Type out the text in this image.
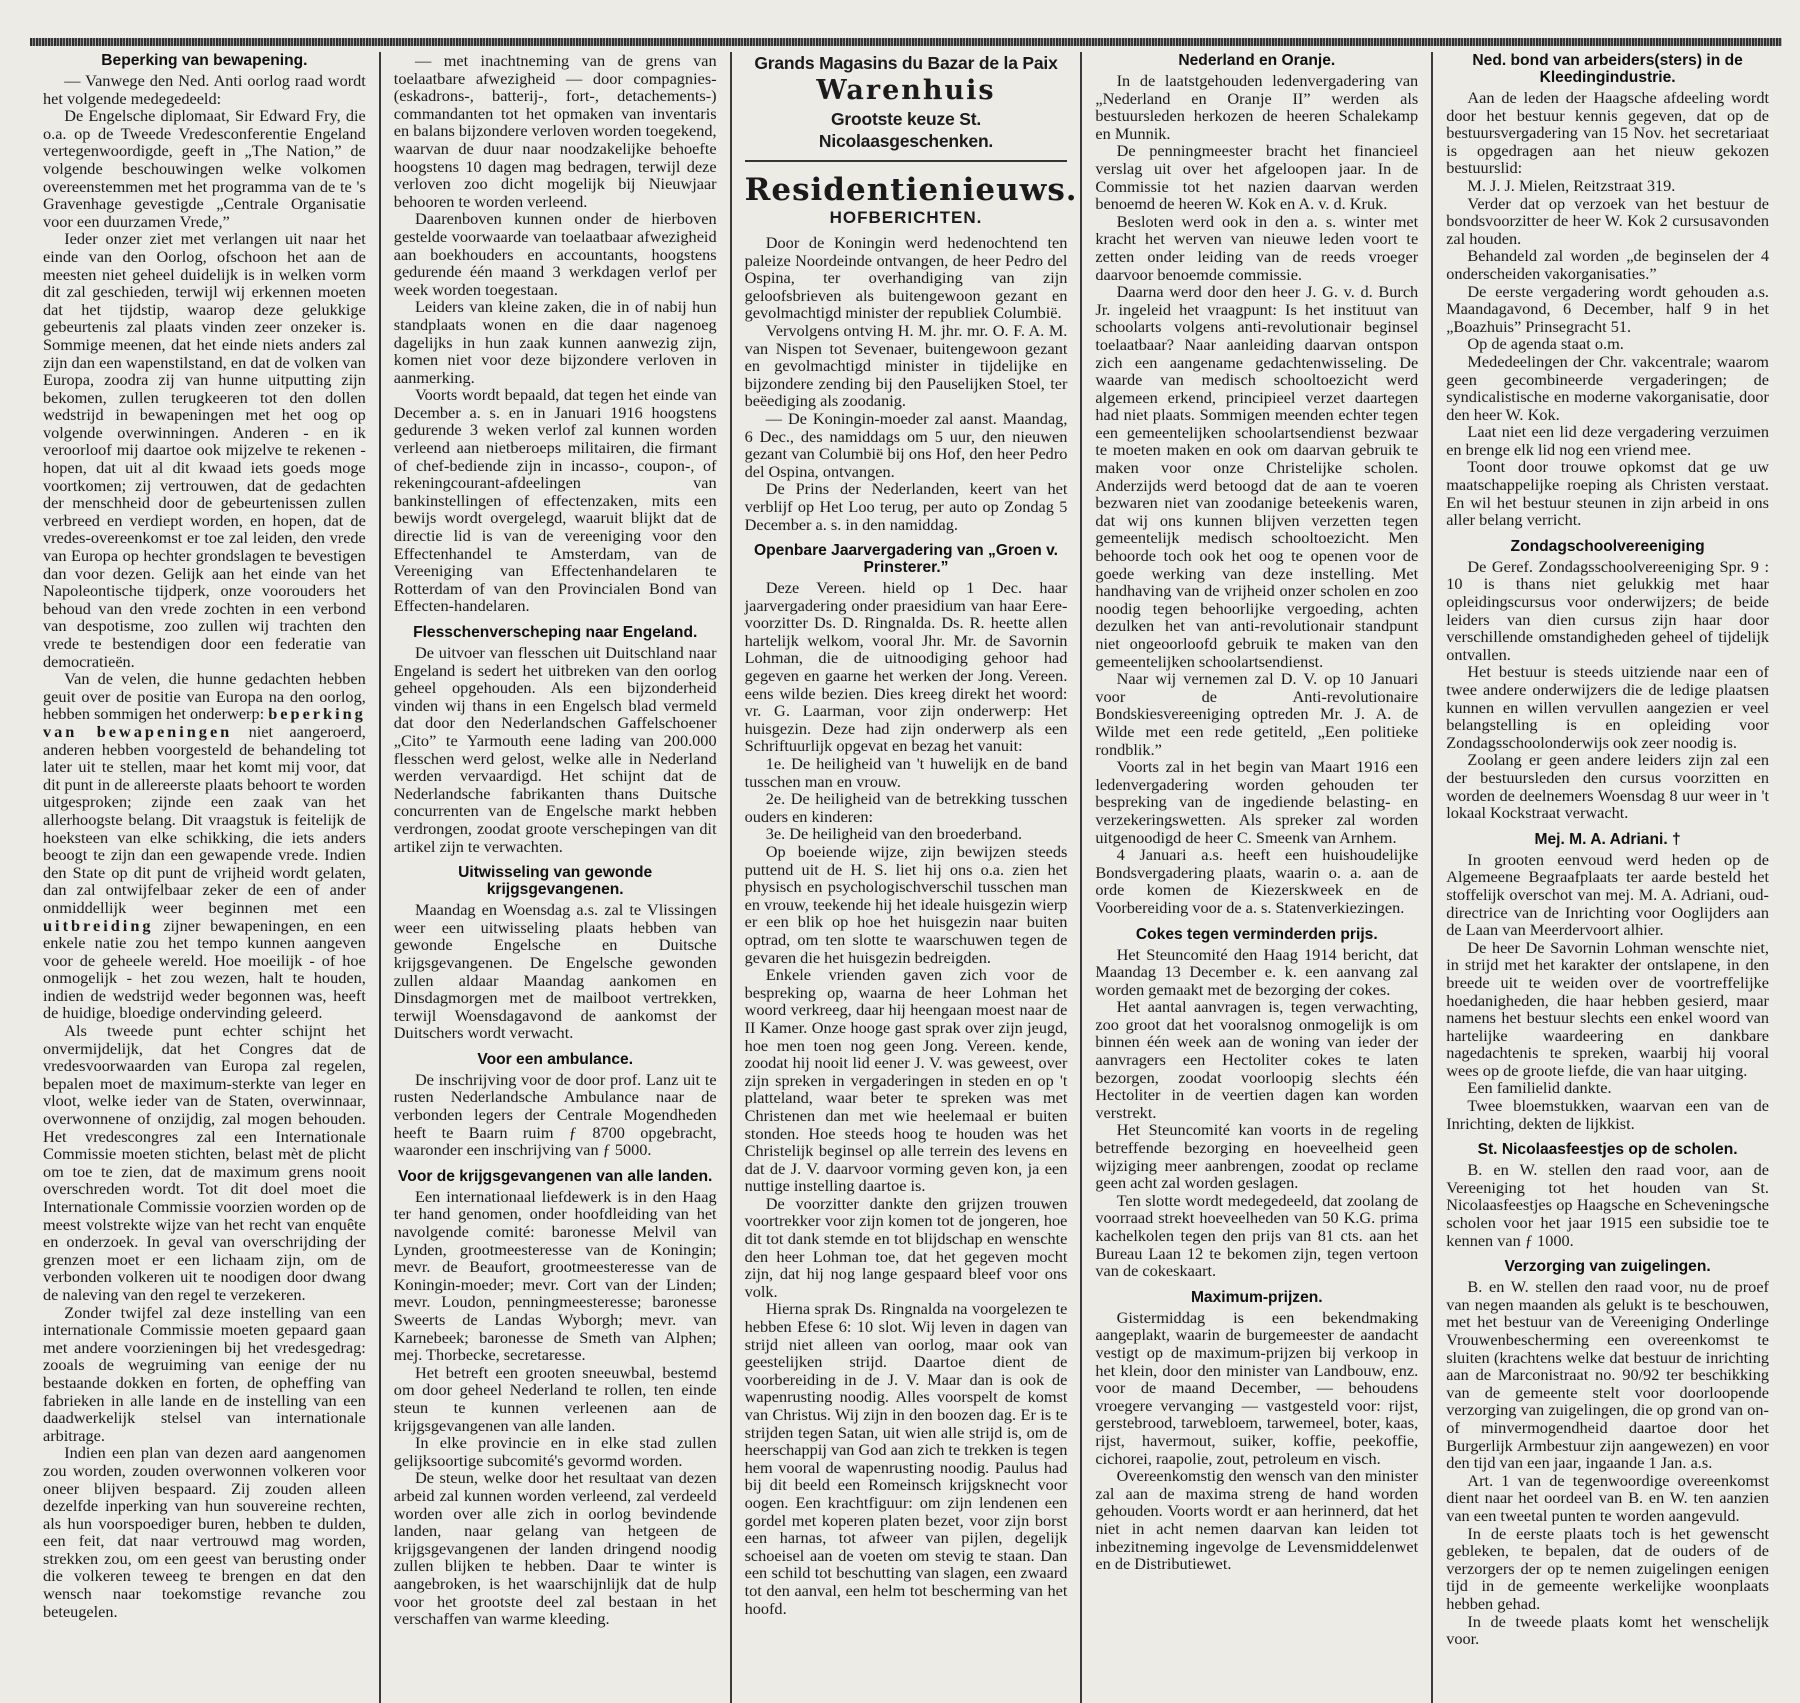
Beperking van bewapening.

— Vanwege den Ned. Anti oorlog raad wordt het volgende medegedeeld:

De Engelsche diplomaat, Sir Edward Fry, die o.a. op de Tweede Vredesconferentie Engeland vertegenwoordigde, geeft in „The Nation,” de volgende beschouwingen welke volkomen overeenstemmen met het programma van de te 's Gravenhage gevestigde „Centrale Organisatie voor een duurzamen Vrede,”

Ieder onzer ziet met verlangen uit naar het einde van den Oorlog, ofschoon het aan de meesten niet geheel duidelijk is in welken vorm dit zal geschieden, terwijl wij erkennen moeten dat het tijdstip, waarop deze gelukkige gebeurtenis zal plaats vinden zeer onzeker is. Sommige meenen, dat het einde niets anders zal zijn dan een wapenstilstand, en dat de volken van Europa, zoodra zij van hunne uitputting zijn bekomen, zullen terugkeeren tot den dollen wedstrijd in bewapeningen met het oog op volgende overwinningen. Anderen - en ik veroorloof mij daartoe ook mijzelve te rekenen - hopen, dat uit al dit kwaad iets goeds moge voortkomen; zij vertrouwen, dat de gedachten der menschheid door de gebeurtenissen zullen verbreed en verdiept worden, en hopen, dat de vredes-overeenkomst er toe zal leiden, den vrede van Europa op hechter grondslagen te bevestigen dan voor dezen. Gelijk aan het einde van het Napoleontische tijdperk, onze voorouders het behoud van den vrede zochten in een verbond van despotisme, zoo zullen wij trachten den vrede te bestendigen door een federatie van democratieën.

Van de velen, die hunne gedachten hebben geuit over de positie van Europa na den oorlog, hebben sommigen het onderwerp: beperking van bewapeningen niet aangeroerd, anderen hebben voorgesteld de behandeling tot later uit te stellen, maar het komt mij voor, dat dit punt in de allereerste plaats behoort te worden uitgesproken; zijnde een zaak van het allerhoogste belang. Dit vraagstuk is feitelijk de hoeksteen van elke schikking, die iets anders beoogt te zijn dan een gewapende vrede. Indien den State op dit punt de vrijheid wordt gelaten, dan zal ontwijfelbaar zeker de een of ander onmiddellijk weer beginnen met een uitbreiding zijner bewapeningen, en een enkele natie zou het tempo kunnen aangeven voor de geheele wereld. Hoe moeilijk - of hoe onmogelijk - het zou wezen, halt te houden, indien de wedstrijd weder begonnen was, heeft de huidige, bloedige ondervinding geleerd.

Als tweede punt echter schijnt het onvermijdelijk, dat het Congres dat de vredesvoorwaarden van Europa zal regelen, bepalen moet de maximum-sterkte van leger en vloot, welke ieder van de Staten, overwinnaar, overwonnene of onzijdig, zal mogen behouden. Het vredescongres zal een Internationale Commissie moeten stichten, belast mèt de plicht om toe te zien, dat de maximum grens nooit overschreden wordt. Tot dit doel moet die Internationale Commissie voorzien worden op de meest volstrekte wijze van het recht van enquête en onderzoek. In geval van overschrijding der grenzen moet er een lichaam zijn, om de verbonden volkeren uit te noodigen door dwang de naleving van den regel te verzekeren.

Zonder twijfel zal deze instelling van een internationale Commissie moeten gepaard gaan met andere voorzieningen bij het vredesgedrag: zooals de wegruiming van eenige der nu bestaande dokken en forten, de opheffing van fabrieken in alle lande en de instelling van een daadwerkelijk stelsel van internationale arbitrage.

Indien een plan van dezen aard aangenomen zou worden, zouden overwonnen volkeren voor oneer blijven bespaard. Zij zouden alleen dezelfde inperking van hun souvereine rechten, als hun voorspoediger buren, hebben te dulden, een feit, dat naar vertrouwd mag worden, strekken zou, om een geest van berusting onder die volkeren teweeg te brengen en dat den wensch naar toekomstige revanche zou beteugelen.

— met inachtneming van de grens van toelaatbare afwezigheid — door compagnies- (eskadrons-, batterij-, fort-, detachements-) commandanten tot het opmaken van inventaris en balans bijzondere verloven worden toegekend, waarvan de duur naar noodzakelijke behoefte hoogstens 10 dagen mag bedragen, terwijl deze verloven zoo dicht mogelijk bij Nieuwjaar behooren te worden verleend.

Daarenboven kunnen onder de hierboven gestelde voorwaarde van toelaatbaar afwezigheid aan boekhouders en accountants, hoogstens gedurende één maand 3 werkdagen verlof per week worden toegestaan.

Leiders van kleine zaken, die in of nabij hun standplaats wonen en die daar nagenoeg dagelijks in hun zaak kunnen aanwezig zijn, komen niet voor deze bijzondere verloven in aanmerking.

Voorts wordt bepaald, dat tegen het einde van December a. s. en in Januari 1916 hoogstens gedurende 3 weken verlof zal kunnen worden verleend aan nietberoeps militairen, die firmant of chef-bediende zijn in incasso-, coupon-, of rekeningcourant-afdeelingen van bankinstellingen of effectenzaken, mits een bewijs wordt overgelegd, waaruit blijkt dat de directie lid is van de vereeniging voor den Effectenhandel te Amsterdam, van de Vereeniging van Effectenhandelaren te Rotterdam of van den Provincialen Bond van Effecten-handelaren.

Flesschenverscheping naar Engeland.

De uitvoer van flesschen uit Duitschland naar Engeland is sedert het uitbreken van den oorlog geheel opgehouden. Als een bijzonderheid vinden wij thans in een Engelsch blad vermeld dat door den Nederlandschen Gaffelschoener „Cito” te Yarmouth eene lading van 200.000 flesschen werd gelost, welke alle in Nederland werden vervaardigd. Het schijnt dat de Nederlandsche fabrikanten thans Duitsche concurrenten van de Engelsche markt hebben verdrongen, zoodat groote verschepingen van dit artikel zijn te verwachten.

Uitwisseling van gewonde krijgsgevangenen.

Maandag en Woensdag a.s. zal te Vlissingen weer een uitwisseling plaats hebben van gewonde Engelsche en Duitsche krijgsgevangenen. De Engelsche gewonden zullen aldaar Maandag aankomen en Dinsdagmorgen met de mailboot vertrekken, terwijl Woensdagavond de aankomst der Duitschers wordt verwacht.

Voor een ambulance.

De inschrijving voor de door prof. Lanz uit te rusten Nederlandsche Ambulance naar de verbonden legers der Centrale Mogendheden heeft te Baarn ruim ƒ 8700 opgebracht, waaronder een inschrijving van ƒ 5000.

Voor de krijgsgevangenen van alle landen.

Een internationaal liefdewerk is in den Haag ter hand genomen, onder hoofdleiding van het navolgende comité: baronesse Melvil van Lynden, grootmeesteresse van de Koningin; mevr. de Beaufort, grootmeesteresse van de Koningin-moeder; mevr. Cort van der Linden; mevr. Loudon, penningmeesteresse; baronesse Sweerts de Landas Wyborgh; mevr. van Karnebeek; baronesse de Smeth van Alphen; mej. Thorbecke, secretaresse.

Het betreft een grooten sneeuwbal, bestemd om door geheel Nederland te rollen, ten einde steun te kunnen verleenen aan de krijgsgevangenen van alle landen.

In elke provincie en in elke stad zullen gelijksoortige subcomité's gevormd worden.

De steun, welke door het resultaat van dezen arbeid zal kunnen worden verleend, zal verdeeld worden over alle zich in oorlog bevindende landen, naar gelang van hetgeen de krijgsgevangenen der landen dringend noodig zullen blijken te hebben. Daar te winter is aangebroken, is het waarschijnlijk dat de hulp voor het grootste deel zal bestaan in het verschaffen van warme kleeding.

Grands Magasins du Bazar de la Paix
Warenhuis
Grootste keuze St. Nicolaasgeschenken.
Residentienieuws.
HOFBERICHTEN.

Door de Koningin werd hedenochtend ten paleize Noordeinde ontvangen, de heer Pedro del Ospina, ter overhandiging van zijn geloofsbrieven als buitengewoon gezant en gevolmachtigd minister der republiek Columbië.

Vervolgens ontving H. M. jhr. mr. O. F. A. M. van Nispen tot Sevenaer, buitengewoon gezant en gevolmachtigd minister in tijdelijke en bijzondere zending bij den Pauselijken Stoel, ter beëediging als zoodanig.

— De Koningin-moeder zal aanst. Maandag, 6 Dec., des namiddags om 5 uur, den nieuwen gezant van Columbië bij ons Hof, den heer Pedro del Ospina, ontvangen.

De Prins der Nederlanden, keert van het verblijf op Het Loo terug, per auto op Zondag 5 December a. s. in den namiddag.

Openbare Jaarvergadering van „Groen v. Prinsterer.”

Deze Vereen. hield op 1 Dec. haar jaarvergadering onder praesidium van haar Eere-voorzitter Ds. D. Ringnalda. Ds. R. heette allen hartelijk welkom, vooral Jhr. Mr. de Savornin Lohman, die de uitnoodiging gehoor had gegeven en gaarne het werken der Jong. Vereen. eens wilde bezien. Dies kreeg direkt het woord: vr. G. Laarman, voor zijn onderwerp: Het huisgezin. Deze had zijn onderwerp als een Schriftuurlijk opgevat en bezag het vanuit:

1e. De heiligheid van 't huwelijk en de band tusschen man en vrouw.

2e. De heiligheid van de betrekking tusschen ouders en kinderen:

3e. De heiligheid van den broederband.

Op boeiende wijze, zijn bewijzen steeds puttend uit de H. S. liet hij ons o.a. zien het physisch en psychologischverschil tusschen man en vrouw, teekende hij het ideale huisgezin wierp er een blik op hoe het huisgezin naar buiten optrad, om ten slotte te waarschuwen tegen de gevaren die het huisgezin bedreigden.

Enkele vrienden gaven zich voor de bespreking op, waarna de heer Lohman het woord verkreeg, daar hij heengaan moest naar de II Kamer. Onze hooge gast sprak over zijn jeugd, hoe men toen nog geen Jong. Vereen. kende, zoodat hij nooit lid eener J. V. was geweest, over zijn spreken in vergaderingen in steden en op 't platteland, waar beter te spreken was met Christenen dan met wie heelemaal er buiten stonden. Hoe steeds hoog te houden was het Christelijk beginsel op alle terrein des levens en dat de J. V. daarvoor vorming geven kon, ja een nuttige instelling daartoe is.

De voorzitter dankte den grijzen trouwen voortrekker voor zijn komen tot de jongeren, hoe dit tot dank stemde en tot blijdschap en wenschte den heer Lohman toe, dat het gegeven mocht zijn, dat hij nog lange gespaard bleef voor ons volk.

Hierna sprak Ds. Ringnalda na voorgelezen te hebben Efese 6: 10 slot. Wij leven in dagen van strijd niet alleen van oorlog, maar ook van geestelijken strijd. Daartoe dient de voorbereiding in de J. V. Maar dan is ook de wapenrusting noodig. Alles voorspelt de komst van Christus. Wij zijn in den boozen dag. Er is te strijden tegen Satan, uit wien alle strijd is, om de heerschappij van God aan zich te trekken is tegen hem vooral de wapenrusting noodig. Paulus had bij dit beeld een Romeinsch krijgsknecht voor oogen. Een krachtfiguur: om zijn lendenen een gordel met koperen platen bezet, voor zijn borst een harnas, tot afweer van pijlen, degelijk schoeisel aan de voeten om stevig te staan. Dan een schild tot beschutting van slagen, een zwaard tot den aanval, een helm tot bescherming van het hoofd.

Nederland en Oranje.

In de laatstgehouden ledenvergadering van „Nederland en Oranje II” werden als bestuursleden herkozen de heeren Schalekamp en Munnik.

De penningmeester bracht het financieel verslag uit over het afgeloopen jaar. In de Commissie tot het nazien daarvan werden benoemd de heeren W. Kok en A. v. d. Kruk.

Besloten werd ook in den a. s. winter met kracht het werven van nieuwe leden voort te zetten onder leiding van de reeds vroeger daarvoor benoemde commissie.

Daarna werd door den heer J. G. v. d. Burch Jr. ingeleid het vraagpunt: Is het instituut van schoolarts volgens anti-revolutionair beginsel toelaatbaar? Naar aanleiding daarvan ontspon zich een aangename gedachtenwisseling. De waarde van medisch schooltoezicht werd algemeen erkend, principieel verzet daartegen had niet plaats. Sommigen meenden echter tegen een gemeentelijken schoolartsendienst bezwaar te moeten maken en ook om daarvan gebruik te maken voor onze Christelijke scholen. Anderzijds werd betoogd dat de aan te voeren bezwaren niet van zoodanige beteekenis waren, dat wij ons kunnen blijven verzetten tegen gemeentelijk medisch schooltoezicht. Men behoorde toch ook het oog te openen voor de goede werking van deze instelling. Met handhaving van de vrijheid onzer scholen en zoo noodig tegen behoorlijke vergoeding, achten dezulken het van anti-revolutionair standpunt niet ongeoorloofd gebruik te maken van den gemeentelijken schoolartsendienst.

Naar wij vernemen zal D. V. op 10 Januari voor de Anti-revolutionaire Bondskiesvereeniging optreden Mr. J. A. de Wilde met een rede getiteld, „Een politieke rondblik.”

Voorts zal in het begin van Maart 1916 een ledenvergadering worden gehouden ter bespreking van de ingediende belasting- en verzekeringswetten. Als spreker zal worden uitgenoodigd de heer C. Smeenk van Arnhem.

4 Januari a.s. heeft een huishoudelijke Bondsvergadering plaats, waarin o. a. aan de orde komen de Kiezerskweek en de Voorbereiding voor de a. s. Statenverkiezingen.

Cokes tegen verminderden prijs.

Het Steuncomité den Haag 1914 bericht, dat Maandag 13 December e. k. een aanvang zal worden gemaakt met de bezorging der cokes.

Het aantal aanvragen is, tegen verwachting, zoo groot dat het vooralsnog onmogelijk is om binnen één week aan de woning van ieder der aanvragers een Hectoliter cokes te laten bezorgen, zoodat voorloopig slechts één Hectoliter in de veertien dagen kan worden verstrekt.

Het Steuncomité kan voorts in de regeling betreffende bezorging en hoeveelheid geen wijziging meer aanbrengen, zoodat op reclame geen acht zal worden geslagen.

Ten slotte wordt medegedeeld, dat zoolang de voorraad strekt hoeveelheden van 50 K.G. prima kachelkolen tegen den prijs van 81 cts. aan het Bureau Laan 12 te bekomen zijn, tegen vertoon van de cokeskaart.

Maximum-prijzen.

Gistermiddag is een bekendmaking aangeplakt, waarin de burgemeester de aandacht vestigt op de maximum-prijzen bij verkoop in het klein, door den minister van Landbouw, enz. voor de maand December, — behoudens vroegere vervanging — vastgesteld voor: rijst, gerstebrood, tarwebloem, tarwemeel, boter, kaas, rijst, havermout, suiker, koffie, peekoffie, cichorei, raapolie, zout, petroleum en visch.

Overeenkomstig den wensch van den minister zal aan de maxima streng de hand worden gehouden. Voorts wordt er aan herinnerd, dat het niet in acht nemen daarvan kan leiden tot inbezitneming ingevolge de Levensmiddelenwet en de Distributiewet.

Ned. bond van arbeiders(sters) in de Kleedingindustrie.

Aan de leden der Haagsche afdeeling wordt door het bestuur kennis gegeven, dat op de bestuursvergadering van 15 Nov. het secretariaat is opgedragen aan het nieuw gekozen bestuurslid:

M. J. J. Mielen, Reitzstraat 319.

Verder dat op verzoek van het bestuur de bondsvoorzitter de heer W. Kok 2 cursusavonden zal houden.

Behandeld zal worden „de beginselen der 4 onderscheiden vakorganisaties.”

De eerste vergadering wordt gehouden a.s. Maandagavond, 6 December, half 9 in het „Boazhuis” Prinsegracht 51.

Op de agenda staat o.m.

Mededeelingen der Chr. vakcentrale; waarom geen gecombineerde vergaderingen; de syndicalistische en moderne vakorganisatie, door den heer W. Kok.

Laat niet een lid deze vergadering verzuimen en brenge elk lid nog een vriend mee.

Toont door trouwe opkomst dat ge uw maatschappelijke roeping als Christen verstaat. En wil het bestuur steunen in zijn arbeid in ons aller belang verricht.

Zondagschoolvereeniging

De Geref. Zondagsschoolvereeniging Spr. 9 : 10 is thans niet gelukkig met haar opleidingscursus voor onderwijzers; de beide leiders van dien cursus zijn haar door verschillende omstandigheden geheel of tijdelijk ontvallen.

Het bestuur is steeds uitziende naar een of twee andere onderwijzers die de ledige plaatsen kunnen en willen vervullen aangezien er veel belangstelling is en opleiding voor Zondagsschoolonderwijs ook zeer noodig is.

Zoolang er geen andere leiders zijn zal een der bestuursleden den cursus voorzitten en worden de deelnemers Woensdag 8 uur weer in 't lokaal Kockstraat verwacht.

Mej. M. A. Adriani. †

In grooten eenvoud werd heden op de Algemeene Begraafplaats ter aarde besteld het stoffelijk overschot van mej. M. A. Adriani, oud-directrice van de Inrichting voor Ooglijders aan de Laan van Meerdervoort alhier.

De heer De Savornin Lohman wenschte niet, in strijd met het karakter der ontslapene, in den breede uit te weiden over de voortreffelijke hoedanigheden, die haar hebben gesierd, maar namens het bestuur slechts een enkel woord van hartelijke waardeering en dankbare nagedachtenis te spreken, waarbij hij vooral wees op de groote liefde, die van haar uitging.

Een familielid dankte.

Twee bloemstukken, waarvan een van de Inrichting, dekten de lijkkist.

St. Nicolaasfeestjes op de scholen.

B. en W. stellen den raad voor, aan de Vereeniging tot het houden van St. Nicolaasfeestjes op Haagsche en Scheveningsche scholen voor het jaar 1915 een subsidie toe te kennen van ƒ 1000.

Verzorging van zuigelingen.

B. en W. stellen den raad voor, nu de proef van negen maanden als gelukt is te beschouwen, met het bestuur van de Vereeniging Onderlinge Vrouwenbescherming een overeenkomst te sluiten (krachtens welke dat bestuur de inrichting aan de Marconistraat no. 90/92 ter beschikking van de gemeente stelt voor doorloopende verzorging van zuigelingen, die op grond van on- of minvermogendheid daartoe door het Burgerlijk Armbestuur zijn aangewezen) en voor den tijd van een jaar, ingaande 1 Jan. a.s.

Art. 1 van de tegenwoordige overeenkomst dient naar het oordeel van B. en W. ten aanzien van een tweetal punten te worden aangevuld.

In de eerste plaats toch is het gewenscht gebleken, te bepalen, dat de ouders of de verzorgers der op te nemen zuigelingen eenigen tijd in de gemeente werkelijke woonplaats hebben gehad.

In de tweede plaats komt het wenschelijk voor.
